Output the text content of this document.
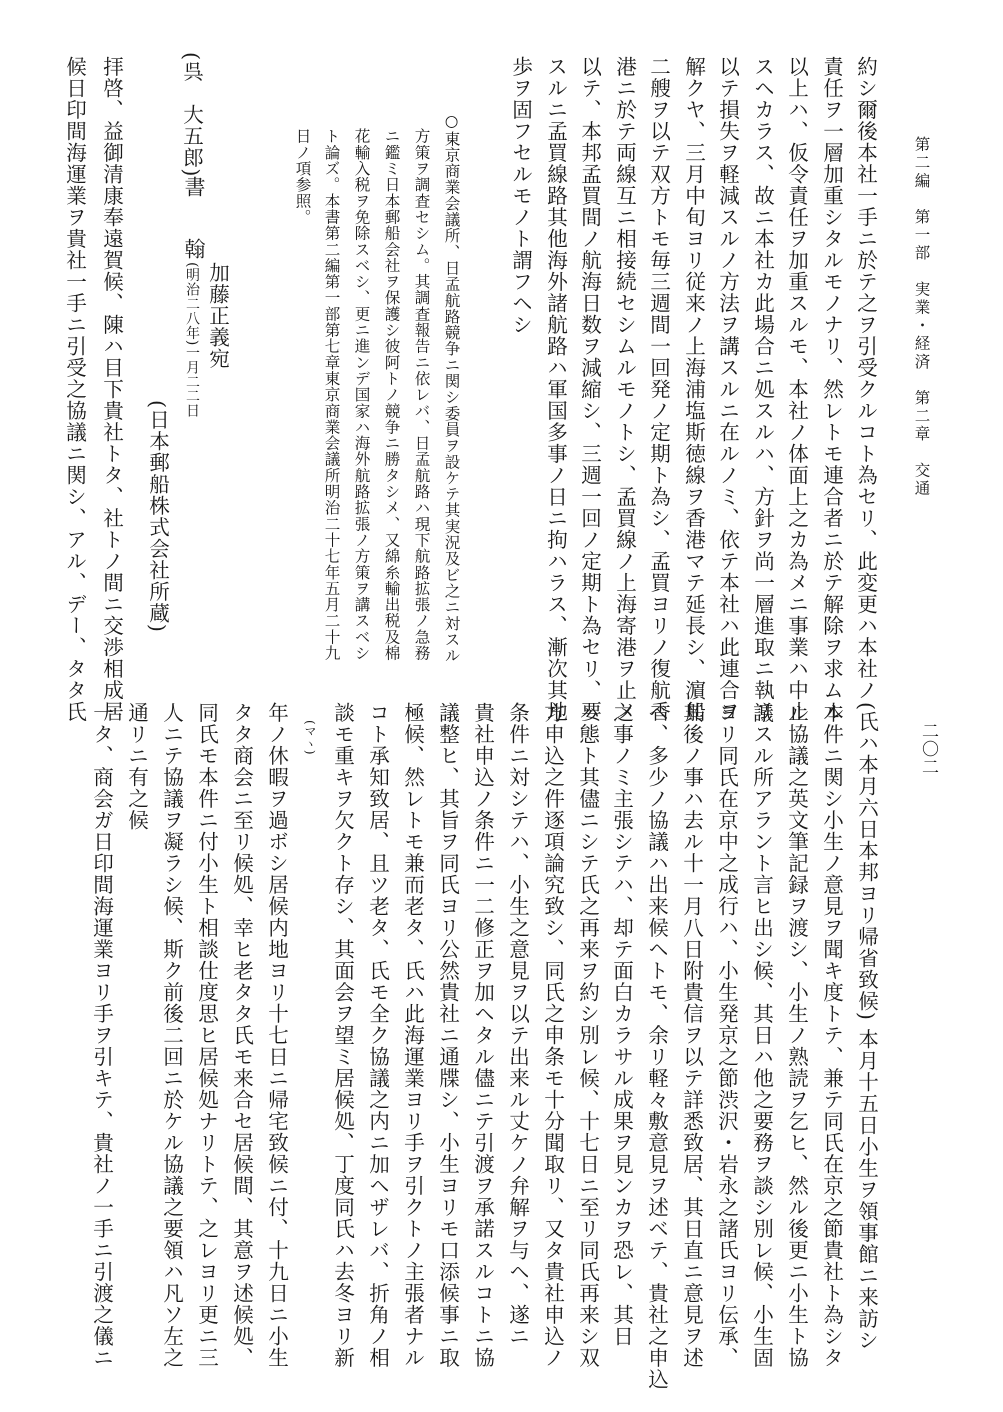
第二編　第一部　実業・経済　第二章　交通
二〇二
約シ爾後本社一手ニ於テ之ヲ引受クルコト為セリ、此変更ハ本社ノ
責任ヲ一層加重シタルモノナリ、然レトモ連合者ニ於テ解除ヲ求ムル
以上ハ、仮令責任ヲ加重スルモ、本社ノ体面上之カ為メニ事業ハ中止
スヘカラス、故ニ本社カ此場合ニ処スルハ、方針ヲ尚一層進取ニ執リ
以テ損失ヲ軽減スルノ方法ヲ講スルニ在ルノミ、依テ本社ハ此連合ヲ
解クヤ、三月中旬ヨリ従来ノ上海浦塩斯徳線ヲ香港マテ延長シ、濵船
二艘ヲ以テ双方トモ毎三週間一回発ノ定期ト為シ、孟買ヨリノ復航香
港ニ於テ両線互ニ相接続セシムルモノトシ、孟買線ノ上海寄港ヲ止メ
以テ、本邦孟買間ノ航海日数ヲ減縮シ、三週一回ノ定期ト為セリ、要
スルニ孟買線路其他海外諸航路ハ軍国多事ノ日ニ拘ハラス、漸次其地
歩ヲ固フセルモノト謂フヘシ
○東京商業会議所、日孟航路競争ニ関シ委員ヲ設ケテ其実況及ビ之ニ対スル
方策ヲ調査セシム。其調査報告ニ依レバ、日孟航路ハ現下航路拡張ノ急務
ニ鑑ミ日本郵船会社ヲ保護シ彼阿トノ競争ニ勝タシメ、又綿糸輸出税及棉
花輸入税ヲ免除スベシ、更ニ進ンデ国家ハ海外航路拡張ノ方策ヲ講スベシ
ト論ズ。本書第二編第一部第七章東京商業会議所明治二十七年五月二十九
日ノ項参照。
書　翰
加藤正義宛
(明治二八年)一月二二日
(日本郵船株式会社所蔵)
(呉　大五郎)
拝啓、益御清康奉遠賀候、陳ハ目下貴社トタ、社トノ間ニ交渉相成居
候日印間海運業ヲ貴社一手ニ引受之協議ニ関シ、アル、デー、タタ氏
(氏ハ本月六日本邦ヨリ帰省致候) 本月十五日小生ヲ領事館ニ来訪シ
本件ニ関シ小生ノ意見ヲ聞キ度トテ、兼テ同氏在京之節貴社ト為シタ
ル協議之英文筆記録ヲ渡シ、小生ノ熟読ヲ乞ヒ、然ル後更ニ小生ト協
議スル所アラント言ヒ出シ候、其日ハ他之要務ヲ談シ別レ候、小生固
ヨリ同氏在京中之成行ハ、小生発京之節渋沢・岩永之諸氏ヨリ伝承、
其後ノ事ハ去ル十一月八日附貴信ヲ以テ詳悉致居、其日直ニ意見ヲ述
ベ、多少ノ協議ハ出来候ヘトモ、余リ軽々敷意見ヲ述ベテ、貴社之申込
之事ノミ主張シテハ、却テ面白カラサル成果ヲ見ンカヲ恐レ、其日
ハ態ト其儘ニシテ氏之再来ヲ約シ別レ候、十七日ニ至リ同氏再来シ双
方申込之件逐項論究致シ、同氏之申条モ十分聞取リ、又タ貴社申込ノ
条件ニ対シテハ、小生之意見ヲ以テ出来ル丈ケノ弁解ヲ与ヘ、遂ニ
貴社申込ノ条件ニ一二修正ヲ加ヘタル儘ニテ引渡ヲ承諾スルコトニ協
議整ヒ、其旨ヲ同氏ヨリ公然貴社ニ通牒シ、小生ヨリモ口添候事ニ取
極候、然レトモ兼而老タ、氏ハ此海運業ヨリ手ヲ引クトノ主張者ナル
コト承知致居、且ツ老タ、氏モ全ク協議之内ニ加ヘザレバ、折角ノ相
談モ重キヲ欠クト存シ、其面会ヲ望ミ居候処、丁度同氏ハ去冬ヨリ新
年ノ休暇ヲ過ボシ居候内地ヨリ十七日ニ帰宅致候ニ付、十九日ニ小生
タタ商会ニ至リ候処、幸ヒ老タタ氏モ来合セ居候間、其意ヲ述候処、
同氏モ本件ニ付小生ト相談仕度思ヒ居候処ナリトテ、之レヨリ更ニ三
人ニテ協議ヲ凝ラシ候、斯ク前後二回ニ於ケル協議之要領ハ凡ソ左之
通リニ有之候
一タ、商会ガ日印間海運業ヨリ手ヲ引キテ、貴社ノ一手ニ引渡之儀ニ	(マヽ)
